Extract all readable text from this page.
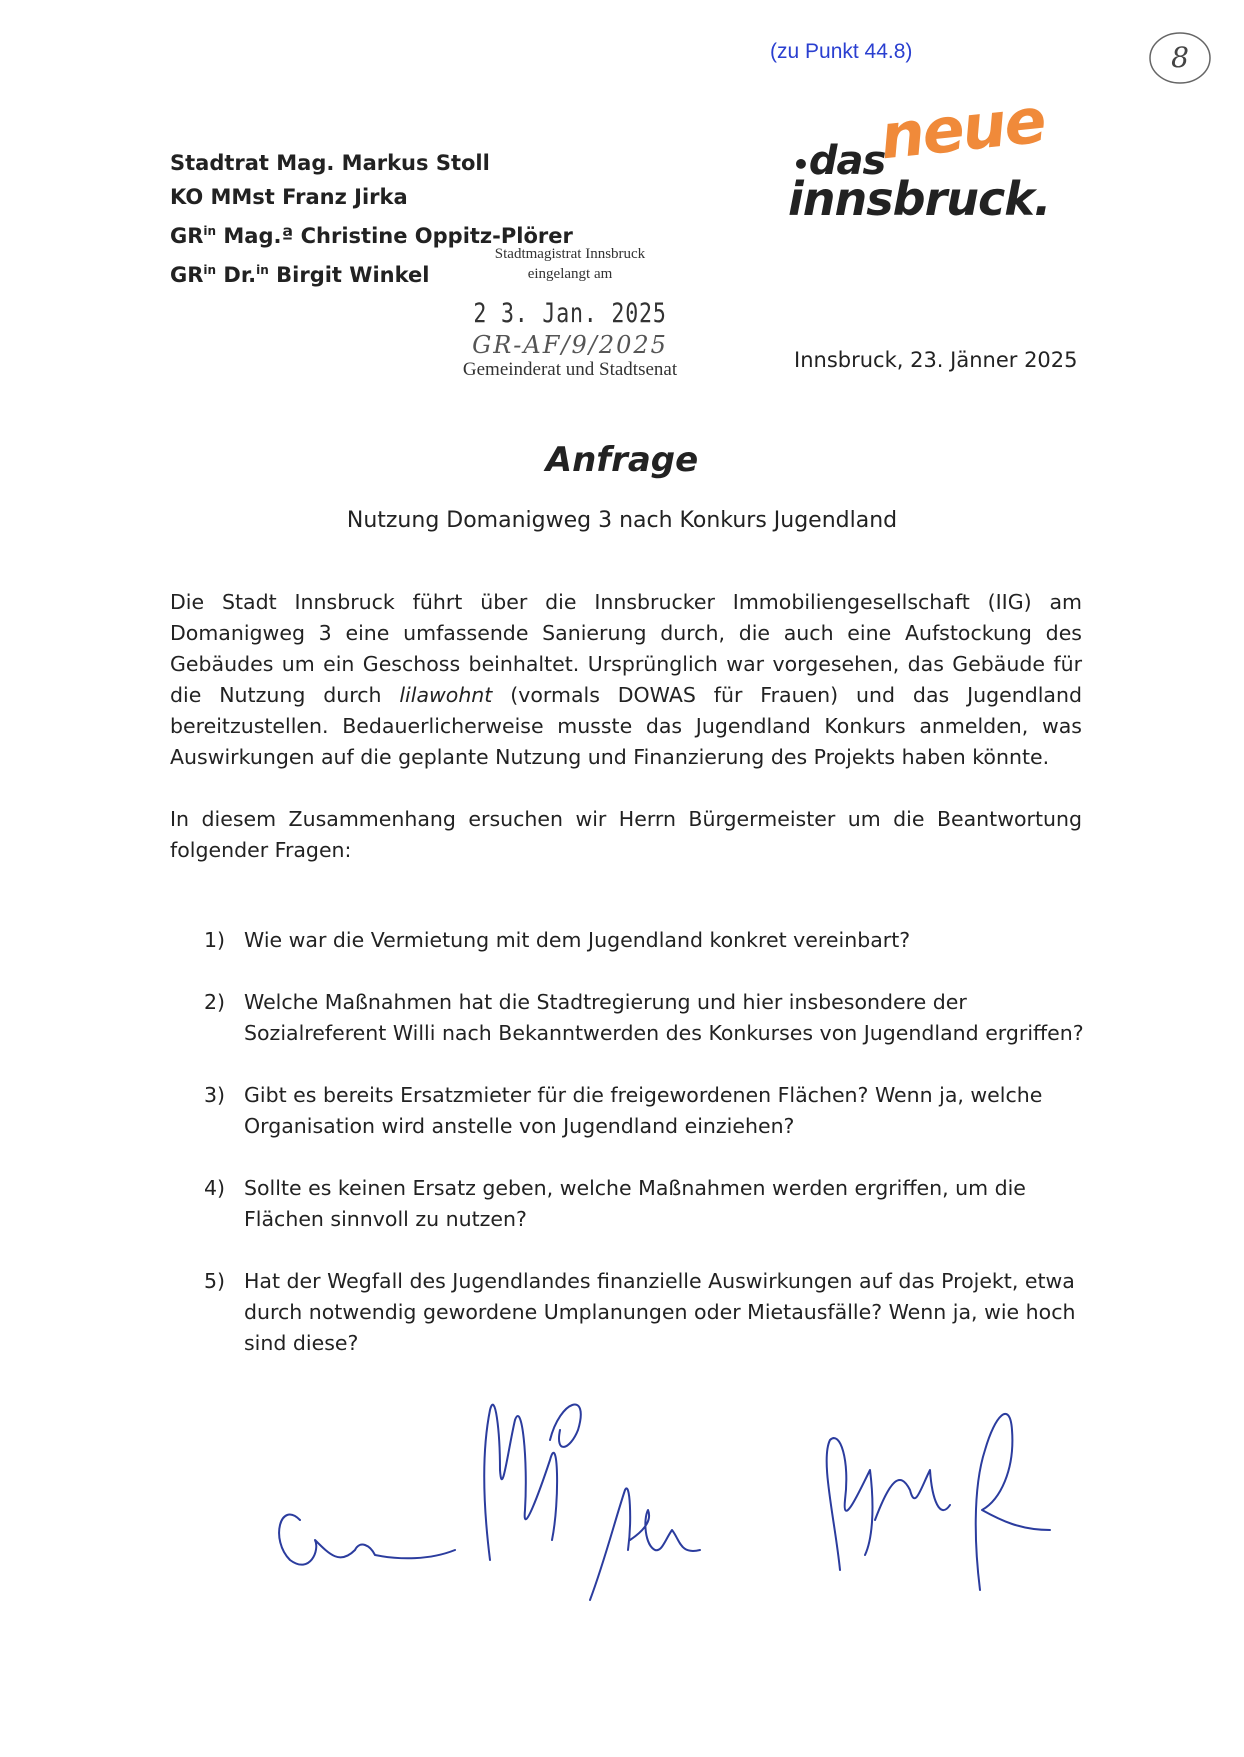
(zu Punkt 44.8)	8
Stadtrat Mag. Markus Stoll
KO MMst Franz Jirka
$GR^{in}$ Mag.ª Christine Oppitz-Plörer
$GR^{in}$ Dr.$^{in}$ Birgit Winkel
neue
•das
innsbruck.
Stadtmagistrat Innsbruck
eingelangt am
2 3. Jan. 2025
GR-AF/9/2025
Gemeinderat und Stadtsenat	Innsbruck, 23. Jänner 2025
Anfrage
Nutzung Domanigweg 3 nach Konkurs Jugendland

Die Stadt Innsbruck führt über die Innsbrucker Immobiliengesellschaft (IIG) am Domanigweg 3 eine umfassende Sanierung durch, die auch eine Aufstockung des Gebäudes um ein Geschoss beinhaltet. Ursprünglich war vorgesehen, das Gebäude für die Nutzung durch lilawohnt (vormals DOWAS für Frauen) und das Jugendland bereitzustellen. Bedauerlicherweise musste das Jugendland Konkurs anmelden, was Auswirkungen auf die geplante Nutzung und Finanzierung des Projekts haben könnte.

In diesem Zusammenhang ersuchen wir Herrn Bürgermeister um die Beantwortung folgender Fragen:

1) Wie war die Vermietung mit dem Jugendland konkret vereinbart?
2) Welche Maßnahmen hat die Stadtregierung und hier insbesondere der Sozialreferent Willi nach Bekanntwerden des Konkurses von Jugendland ergriffen?
3) Gibt es bereits Ersatzmieter für die freigewordenen Flächen? Wenn ja, welche Organisation wird anstelle von Jugendland einziehen?
4) Sollte es keinen Ersatz geben, welche Maßnahmen werden ergriffen, um die Flächen sinnvoll zu nutzen?
5) Hat der Wegfall des Jugendlandes finanzielle Auswirkungen auf das Projekt, etwa durch notwendig gewordene Umplanungen oder Mietausfälle? Wenn ja, wie hoch sind diese?
